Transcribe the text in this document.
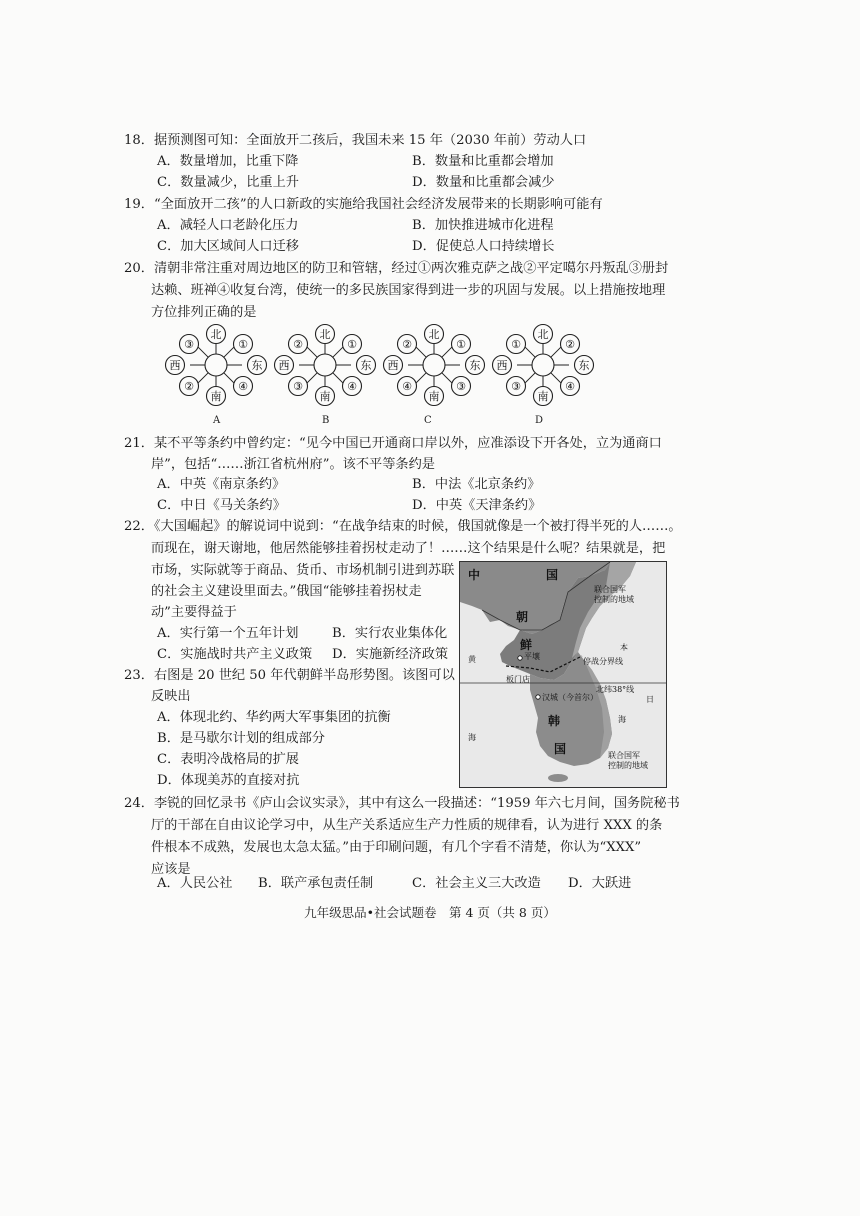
18．据预测图可知：全面放开二孩后，我国未来 15 年（2030 年前）劳动人口
A．数量增加，比重下降	B．数量和比重都会增加
C．数量减少，比重上升	D．数量和比重都会减少
19．“全面放开二孩”的人口新政的实施给我国社会经济发展带来的长期影响可能有
A．减轻人口老龄化压力	B．加快推进城市化进程
C．加大区域间人口迁移	D．促使总人口持续增长
20．清朝非常注重对周边地区的防卫和管辖，经过①两次雅克萨之战②平定噶尔丹叛乱③册封
达赖、班禅④收复台湾，使统一的多民族国家得到进一步的巩固与发展。以上措施按地理
方位排列正确的是
北
南
西	东
③	①
②	④
北
南
西	东
②	①
③	④
北
南
西	东
②	①
④	③
北
南
西	东
①	②
③	④
A	B	C	D
21．某不平等条约中曾约定：“见今中国已开通商口岸以外，应准添设下开各处，立为通商口
岸”，包括“……浙江省杭州府”。该不平等条约是
A．中英《南京条约》	B．中法《北京条约》
C．中日《马关条约》	D．中英《天津条约》
22．《大国崛起》的解说词中说到：“在战争结束的时候，俄国就像是一个被打得半死的人……。
而现在，谢天谢地，他居然能够挂着拐杖走动了！……这个结果是什么呢？结果就是，把
市场，实际就等于商品、货币、市场机制引进到苏联
的社会主义建设里面去。”俄国“能够挂着拐杖走
动”主要得益于
A．实行第一个五年计划	B．实行农业集体化
C．实施战时共产主义政策 D．实施新经济政策
23．右图是 20 世纪 50 年代朝鲜半岛形势图。该图可以
反映出
A．体现北约、华约两大军事集团的抗衡
B．是马歇尔计划的组成部分
C．表明冷战格局的扩展
D．体现美苏的直接对抗
中	国
朝
鲜
联合国军
控制的地域
平壤
停战分界线
本
黄
板门店
汉城（今首尔）
北纬38°线
韩
国
海
海
联合国军
控制的地域
日
24．李锐的回忆录书《庐山会议实录》，其中有这么一段描述：“1959 年六七月间，国务院秘书
厅的干部在自由议论学习中，从生产关系适应生产力性质的规律看，认为进行 XXX 的条
件根本不成熟，发展也太急太猛。”由于印刷问题，有几个字看不清楚，你认为“XXX”
应该是
A．人民公社 B．联产承包责任制	C．社会主义三大改造 D．大跃进
九年级思品•社会试题卷　第 4 页（共 8 页）
